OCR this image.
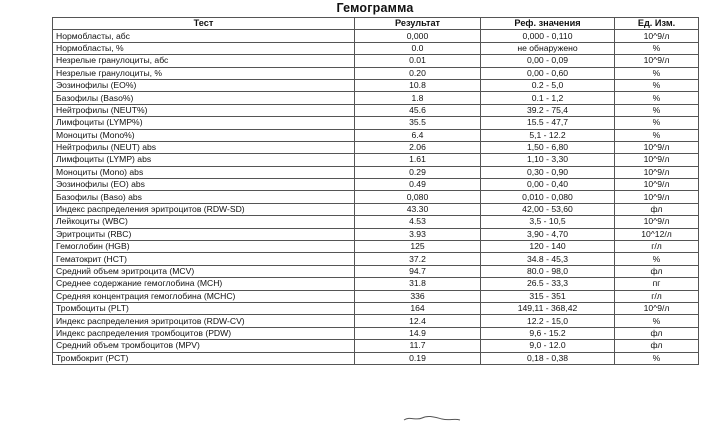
Гемограмма
Тест	Результат	Реф. значения	Ед. Изм.
Нормобласты, абс	0,000	0,000 - 0,110	10^9/л
Нормобласты, %	0.0	не обнаружено	%
Незрелые гранулоциты, абс	0.01	0,00 - 0,09	10^9/л
Незрелые гранулоциты, %	0.20	0,00 - 0,60	%
Эозинофилы (EO%)	10.8	0.2 - 5,0	%
Базофилы (Baso%)	1.8	0.1 - 1,2	%
Нейтрофилы (NEUT%)	45.6	39.2 - 75,4	%
Лимфоциты (LYMP%)	35.5	15.5 - 47,7	%
Моноциты (Mono%)	6.4	5,1 - 12.2	%
Нейтрофилы (NEUT) abs	2.06	1,50 - 6,80	10^9/л
Лимфоциты (LYMP) abs	1.61	1,10 - 3,30	10^9/л
Моноциты (Mono) abs	0.29	0,30 - 0,90	10^9/л
Эозинофилы (EO) abs	0.49	0,00 - 0,40	10^9/л
Базофилы (Baso) abs	0,080	0,010 - 0,080	10^9/л
Индекс распределения эритроцитов (RDW-SD)	43.30	42,00 - 53,60	фл
Лейкоциты (WBC)	4.53	3,5 - 10,5	10^9/л
Эритроциты (RBC)	3.93	3,90 - 4,70	10^12/л
Гемоглобин (HGB)	125	120 - 140	г/л
Гематокрит (HCT)	37.2	34.8 - 45,3	%
Средний объем эритроцита (MCV)	94.7	80.0 - 98,0	фл
Среднее содержание гемоглобина (MCH)	31.8	26.5 - 33,3	пг
Средняя концентрация гемоглобина (MCHC)	336	315 - 351	г/л
Тромбоциты (PLT)	164	149,11 - 368,42	10^9/л
Индекс распределения эритроцитов (RDW-CV)	12.4	12.2 - 15,0	%
Индекс распределения тромбоцитов (PDW)	14.9	9,6 - 15.2	фл
Средний объем тромбоцитов (MPV)	11.7	9,0 - 12.0	фл
Тромбокрит (PCT)	0.19	0,18 - 0,38	%
